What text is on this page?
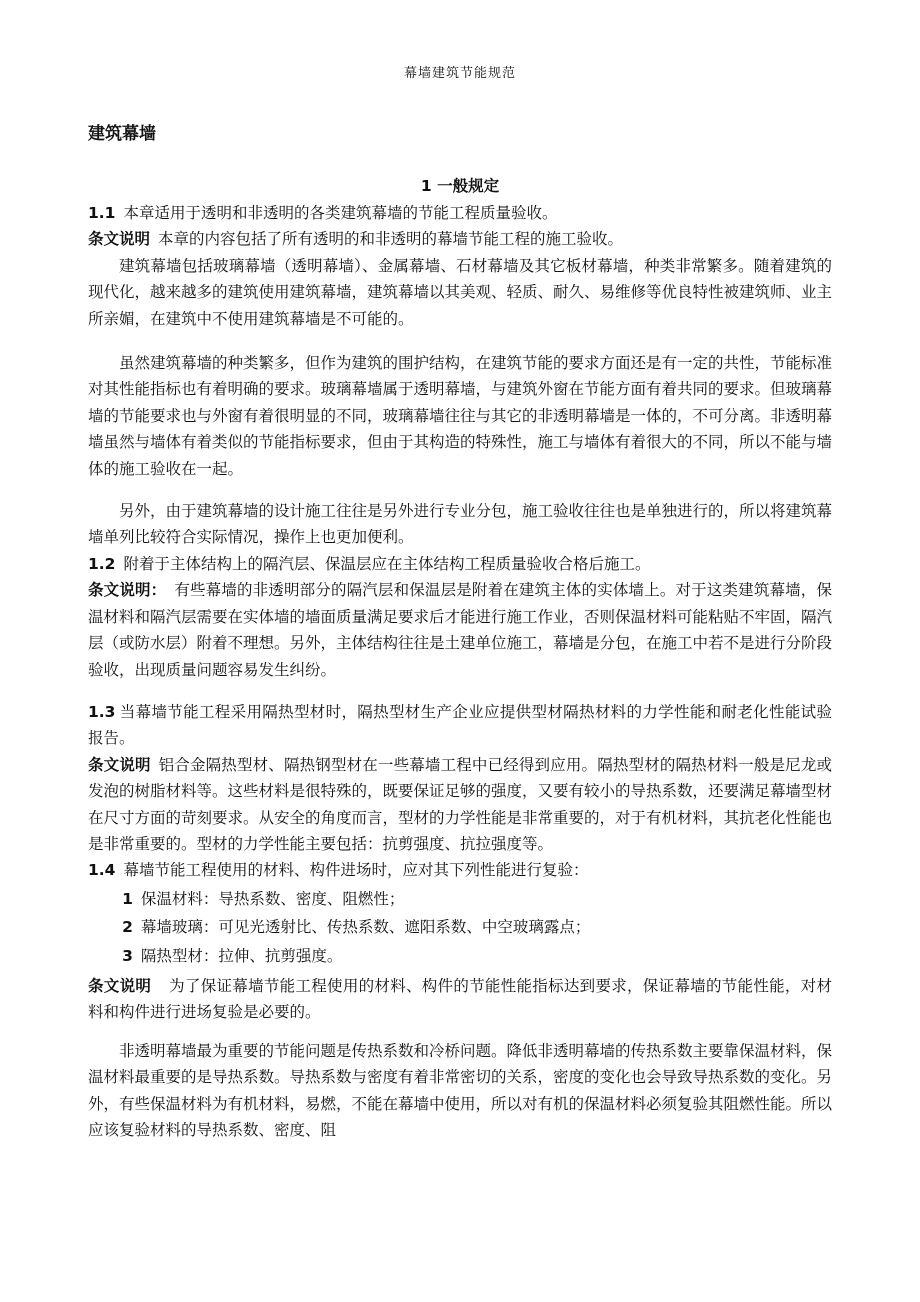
幕墙建筑节能规范
建筑幕墙
1 一般规定

1.1 本章适用于透明和非透明的各类建筑幕墙的节能工程质量验收。

条文说明 本章的内容包括了所有透明的和非透明的幕墙节能工程的施工验收。

建筑幕墙包括玻璃幕墙（透明幕墙）、金属幕墙、石材幕墙及其它板材幕墙，种类非常繁多。随着建筑的现代化，越来越多的建筑使用建筑幕墙，建筑幕墙以其美观、轻质、耐久、易维修等优良特性被建筑师、业主所亲媚，在建筑中不使用建筑幕墙是不可能的。

虽然建筑幕墙的种类繁多，但作为建筑的围护结构，在建筑节能的要求方面还是有一定的共性，节能标准对其性能指标也有着明确的要求。玻璃幕墙属于透明幕墙，与建筑外窗在节能方面有着共同的要求。但玻璃幕墙的节能要求也与外窗有着很明显的不同，玻璃幕墙往往与其它的非透明幕墙是一体的，不可分离。非透明幕墙虽然与墙体有着类似的节能指标要求，但由于其构造的特殊性，施工与墙体有着很大的不同，所以不能与墙体的施工验收在一起。

另外，由于建筑幕墙的设计施工往往是另外进行专业分包，施工验收往往也是单独进行的，所以将建筑幕墙单列比较符合实际情况，操作上也更加便利。

1.2 附着于主体结构上的隔汽层、保温层应在主体结构工程质量验收合格后施工。

条文说明： 有些幕墙的非透明部分的隔汽层和保温层是附着在建筑主体的实体墙上。对于这类建筑幕墙，保温材料和隔汽层需要在实体墙的墙面质量满足要求后才能进行施工作业，否则保温材料可能粘贴不牢固，隔汽层（或防水层）附着不理想。另外，主体结构往往是土建单位施工，幕墙是分包，在施工中若不是进行分阶段验收，出现质量问题容易发生纠纷。

1.3 当幕墙节能工程采用隔热型材时，隔热型材生产企业应提供型材隔热材料的力学性能和耐老化性能试验报告。

条文说明 铝合金隔热型材、隔热钢型材在一些幕墙工程中已经得到应用。隔热型材的隔热材料一般是尼龙或发泡的树脂材料等。这些材料是很特殊的，既要保证足够的强度，又要有较小的导热系数，还要满足幕墙型材在尺寸方面的苛刻要求。从安全的角度而言，型材的力学性能是非常重要的，对于有机材料，其抗老化性能也是非常重要的。型材的力学性能主要包括：抗剪强度、抗拉强度等。

1.4 幕墙节能工程使用的材料、构件进场时，应对其下列性能进行复验：

1 保温材料：导热系数、密度、阻燃性；

2 幕墙玻璃：可见光透射比、传热系数、遮阳系数、中空玻璃露点；

3 隔热型材：拉伸、抗剪强度。

条文说明 为了保证幕墙节能工程使用的材料、构件的节能性能指标达到要求，保证幕墙的节能性能，对材料和构件进行进场复验是必要的。

非透明幕墙最为重要的节能问题是传热系数和冷桥问题。降低非透明幕墙的传热系数主要靠保温材料，保温材料最重要的是导热系数。导热系数与密度有着非常密切的关系，密度的变化也会导致导热系数的变化。另外，有些保温材料为有机材料，易燃，不能在幕墙中使用，所以对有机的保温材料必须复验其阻燃性能。所以应该复验材料的导热系数、密度、阻
